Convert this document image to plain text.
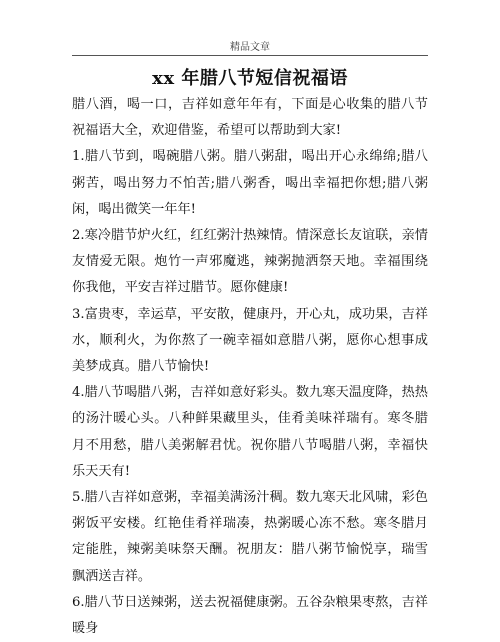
精品文章
xx 年腊八节短信祝福语

腊八酒，喝一口，吉祥如意年年有，下面是心收集的腊八节祝福语大全，欢迎借鉴，希望可以帮助到大家!

1.腊八节到，喝碗腊八粥。腊八粥甜，喝出开心永绵绵;腊八粥苦，喝出努力不怕苦;腊八粥香，喝出幸福把你想;腊八粥闲，喝出微笑一年年!

2.寒冷腊节炉火红，红红粥汁热辣情。情深意长友谊联，亲情友情爱无限。炮竹一声邪魔逃，辣粥抛洒祭天地。幸福围绕你我他，平安吉祥过腊节。愿你健康!

3.富贵枣，幸运草，平安散，健康丹，开心丸，成功果，吉祥水，顺利火，为你熬了一碗幸福如意腊八粥，愿你心想事成美梦成真。腊八节愉快!

4.腊八节喝腊八粥，吉祥如意好彩头。数九寒天温度降，热热的汤汁暖心头。八种鲜果藏里头，佳肴美味祥瑞有。寒冬腊月不用愁，腊八美粥解君忧。祝你腊八节喝腊八粥，幸福快乐天天有!

5.腊八吉祥如意粥，幸福美满汤汁稠。数九寒天北风啸，彩色粥饭平安楼。红艳佳肴祥瑞凑，热粥暖心冻不愁。寒冬腊月定能胜，辣粥美味祭天酬。祝朋友：腊八粥节愉悦享，瑞雪飘洒送吉祥。

6.腊八节日送辣粥，送去祝福健康粥。五谷杂粮果枣熬，吉祥暖身
